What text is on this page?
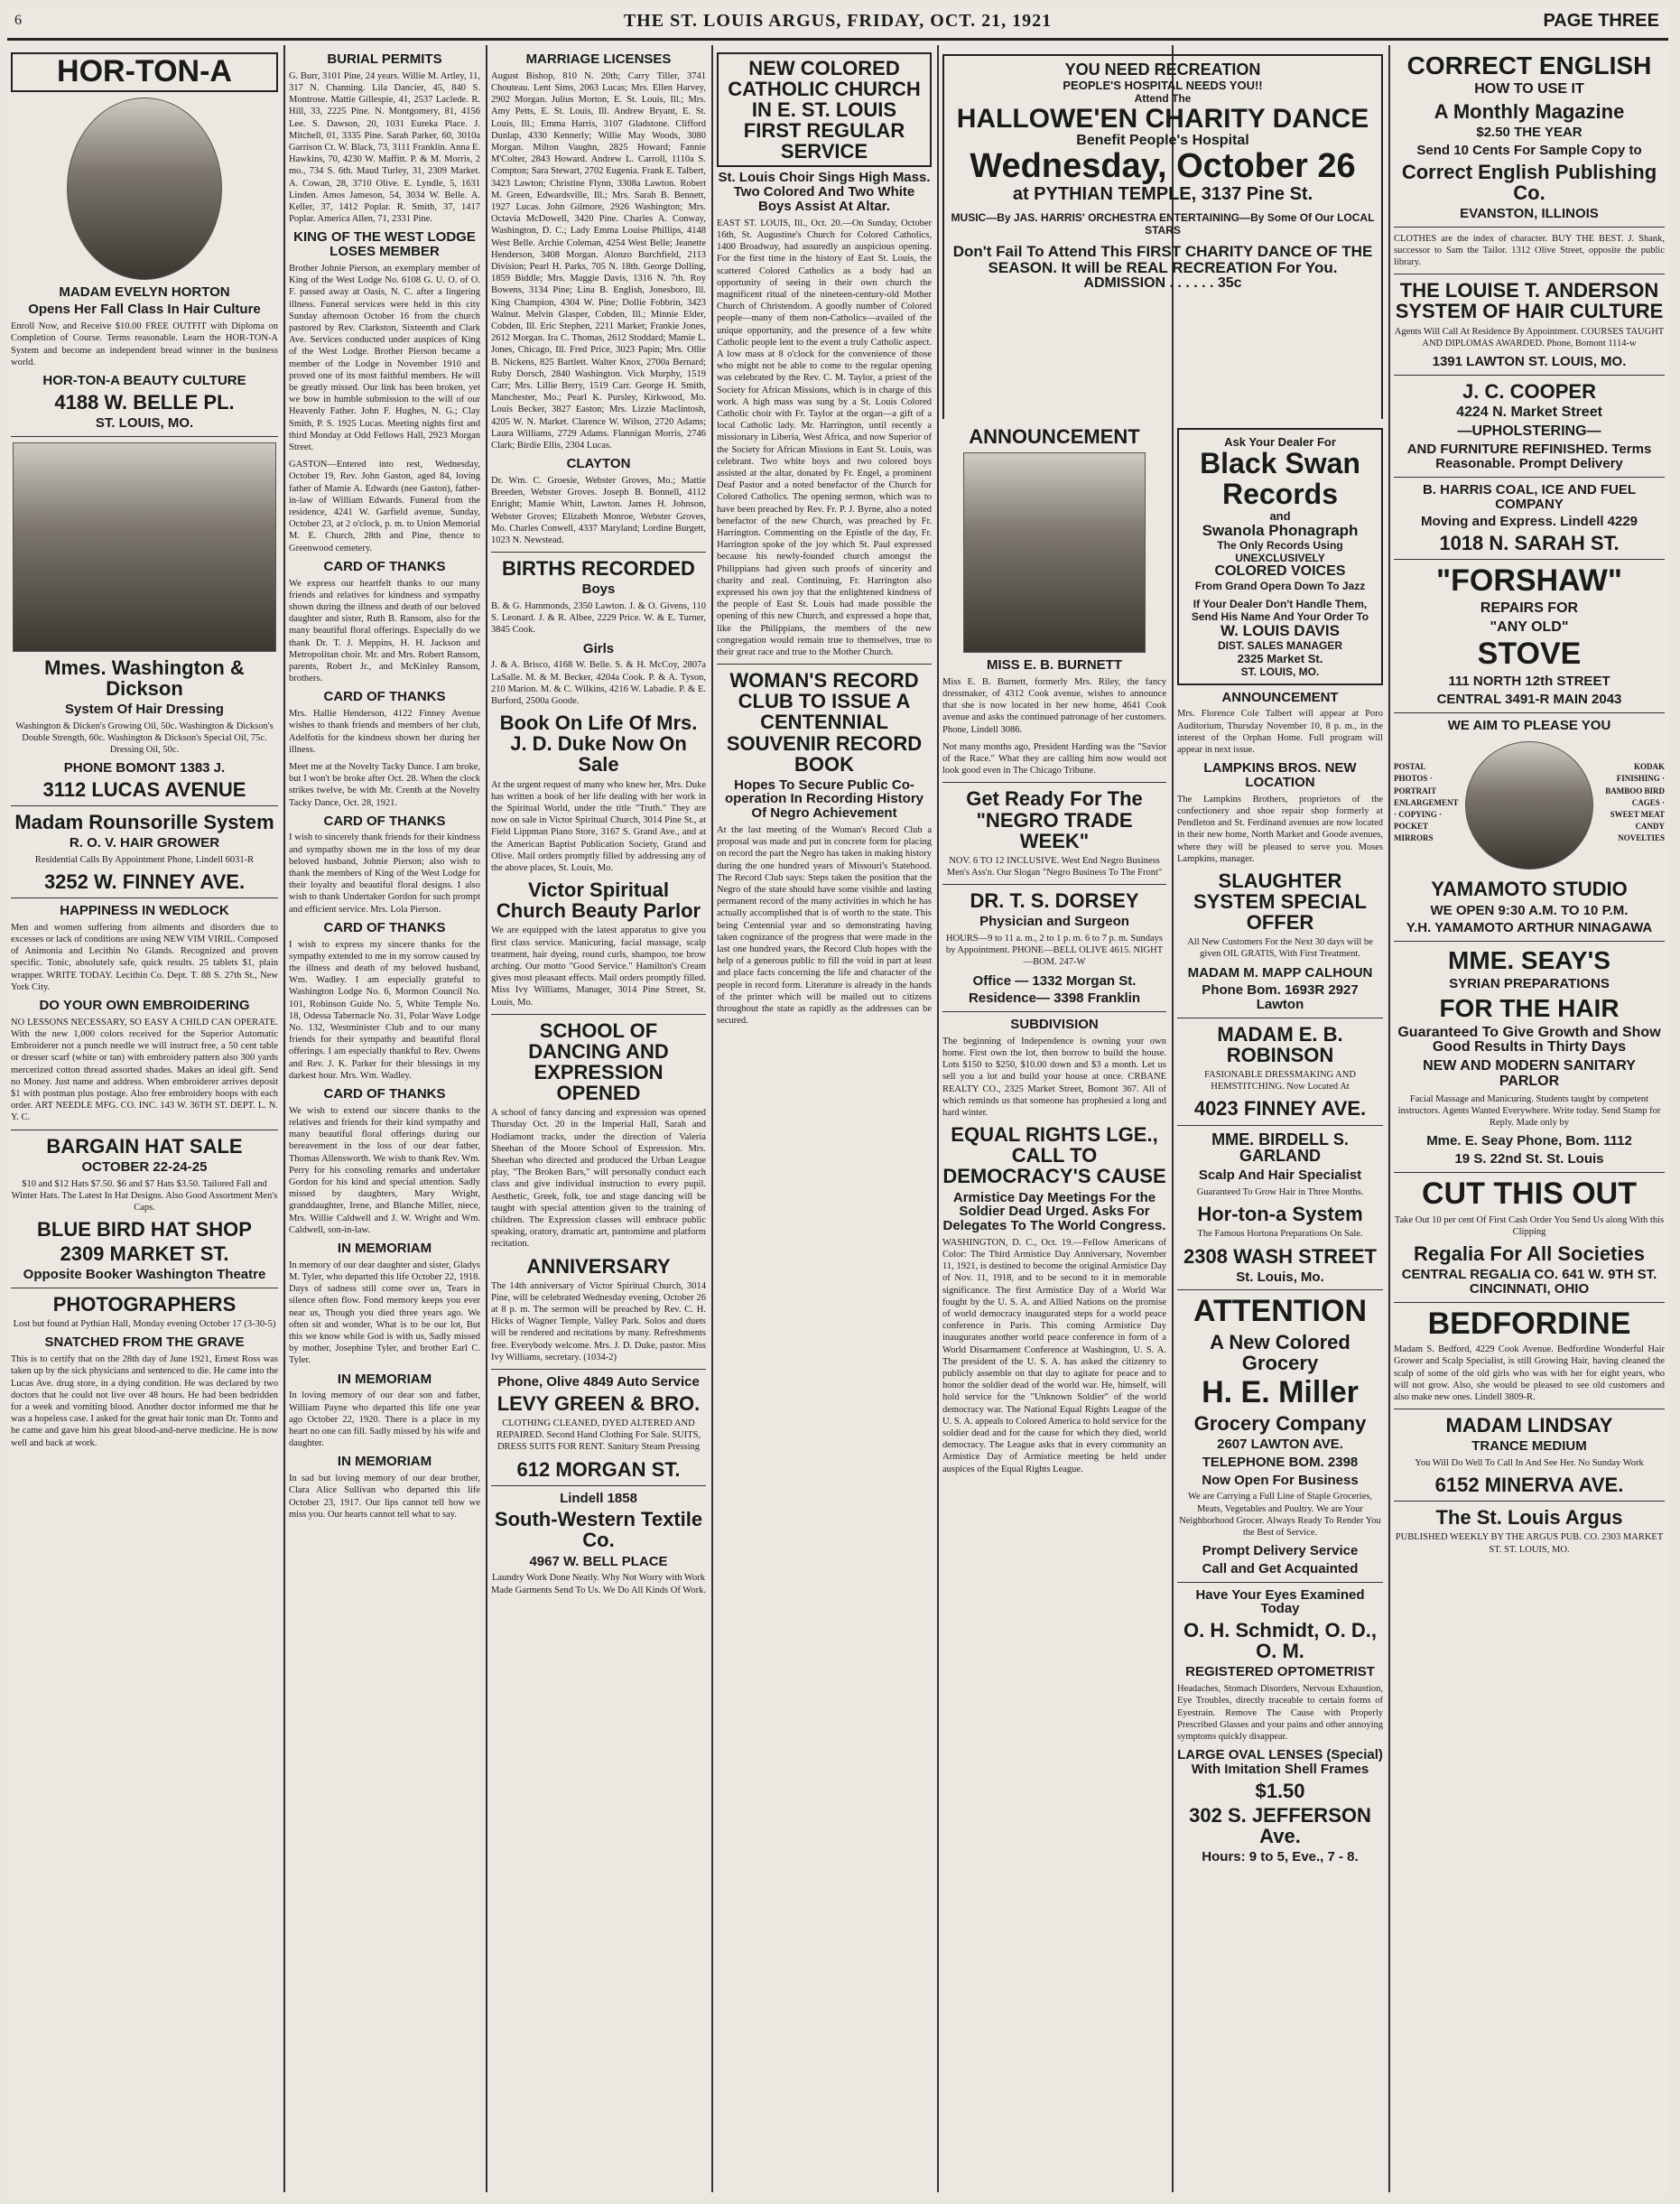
6	THE ST. LOUIS ARGUS, FRIDAY, OCT. 21, 1921	PAGE THREE
HOR-TON-A
MADAM EVELYN HORTON
Opens Her Fall Class In Hair Culture

Enroll Now, and Receive $10.00 FREE OUTFIT with Diploma on Completion of Course. Terms reasonable. Learn the HOR-TON-A System and become an independent bread winner in the business world.

HOR-TON-A BEAUTY CULTURE
4188 W. BELLE PL.
ST. LOUIS, MO.
Mmes. Washington & Dickson
System Of Hair Dressing

Washington & Dicken's Growing Oil, 50c. Washington & Dickson's Double Strength, 60c. Washington & Dickson's Special Oil, 75c. Dressing Oil, 50c.

PHONE BOMONT 1383 J.
3112 LUCAS AVENUE
Madam Rounsorille System
R. O. V. HAIR GROWER

Residential Calls By Appointment Phone, Lindell 6031-R

3252 W. FINNEY AVE.
HAPPINESS IN WEDLOCK

Men and women suffering from ailments and disorders due to excesses or lack of conditions are using NEW VIM VIRIL. Composed of Animonia and Lecithin No Glands. Recognized and proven specific. Tonic, absolutely safe, quick results. 25 tablets $1, plain wrapper. WRITE TODAY. Lecithin Co. Dept. T. 88 S. 27th St., New York City.

DO YOUR OWN EMBROIDERING

NO LESSONS NECESSARY, SO EASY A CHILD CAN OPERATE. With the new 1,000 colors received for the Superior Automatic Embroiderer not a punch needle we will instruct free, a 50 cent table or dresser scarf (white or tan) with embroidery pattern also 300 yards mercerized cotton thread assorted shades. Makes an ideal gift. Send no Money. Just name and address. When embroiderer arrives deposit $1 with postman plus postage. Also free embroidery hoops with each order. ART NEEDLE MFG. CO. INC. 143 W. 36TH ST. DEPT. L. N. Y. C.

BARGAIN HAT SALE
OCTOBER 22-24-25

$10 and $12 Hats $7.50. $6 and $7 Hats $3.50. Tailored Fall and Winter Hats. The Latest In Hat Designs. Also Good Assortment Men's Caps.

BLUE BIRD HAT SHOP
2309 MARKET ST.
Opposite Booker Washington Theatre
PHOTOGRAPHERS

Lost but found at Pythian Hall, Monday evening October 17 (3-30-5)

SNATCHED FROM THE GRAVE

This is to certify that on the 28th day of June 1921, Ernest Ross was taken up by the sick physicians and sentenced to die. He came into the Lucas Ave. drug store, in a dying condition. He was declared by two doctors that he could not live over 48 hours. He had been bedridden for a week and vomiting blood. Another doctor informed me that he was a hopeless case. I asked for the great hair tonic man Dr. Tonto and he came and gave him his great blood-and-nerve medicine. He is now well and back at work.

BURIAL PERMITS

G. Burr, 3101 Pine, 24 years. Willie M. Artley, 11, 317 N. Channing. Lila Dancier, 45, 840 S. Montrose. Mattie Gillespie, 41, 2537 Laclede. R. Hill, 33, 2225 Pine. N. Montgomery, 81, 4156 Lee. S. Dawson, 20, 1031 Eureka Place. J. Mitchell, 01, 3335 Pine. Sarah Parker, 60, 3010a Garrison Ct. W. Black, 73, 3111 Franklin. Anna E. Hawkins, 70, 4230 W. Maffitt. P. & M. Morris, 2 mo., 734 S. 6th. Maud Turley, 31, 2309 Market. A. Cowan, 28, 3710 Olive. E. Lyndle, 5, 1631 Linden. Amos Jameson, 54, 3034 W. Belle. A. Keller, 37, 1412 Poplar. R. Smith, 37, 1417 Poplar. America Allen, 71, 2331 Pine.

KING OF THE WEST LODGE LOSES MEMBER

Brother Johnie Pierson, an exemplary member of King of the West Lodge No. 6108 G. U. O. of O. F. passed away at Oasis, N. C. after a lingering illness. Funeral services were held in this city Sunday afternoon October 16 from the church pastored by Rev. Clarkston, Sixteenth and Clark Ave. Services conducted under auspices of King of the West Lodge. Brother Pierson became a member of the Lodge in November 1910 and proved one of its most faithful members. He will be greatly missed. Our link has been broken, yet we bow in humble submission to the will of our Heavenly Father. John F. Hughes, N. G.; Clay Smith, P. S. 1925 Lucas. Meeting nights first and third Monday at Odd Fellows Hall, 2923 Morgan Street.

GASTON—Entered into rest, Wednesday, October 19, Rev. John Gaston, aged 84, loving father of Mamie A. Edwards (nee Gaston), father-in-law of William Edwards. Funeral from the residence, 4241 W. Garfield avenue, Sunday, October 23, at 2 o'clock, p. m. to Union Memorial M. E. Church, 28th and Pine, thence to Greenwood cemetery.

CARD OF THANKS

We express our heartfelt thanks to our many friends and relatives for kindness and sympathy shown during the illness and death of our beloved daughter and sister, Ruth B. Ransom, also for the many beautiful floral offerings. Especially do we thank Dr. T. J. Meppins, H. H. Jackson and Metropolitan choir. Mr. and Mrs. Robert Ransom, parents, Robert Jr., and McKinley Ransom, brothers.

CARD OF THANKS

Mrs. Hallie Henderson, 4122 Finney Avenue wishes to thank friends and members of her club, Adelfotis for the kindness shown her during her illness.

Meet me at the Novelty Tacky Dance. I am broke, but I won't be broke after Oct. 28. When the clock strikes twelve, be with Mr. Crenth at the Novelty Tacky Dance, Oct. 28, 1921.

CARD OF THANKS

I wish to sincerely thank friends for their kindness and sympathy shown me in the loss of my dear beloved husband, Johnie Pierson; also wish to thank the members of King of the West Lodge for their loyalty and beautiful floral designs. I also wish to thank Undertaker Gordon for such prompt and efficient service. Mrs. Lola Pierson.

CARD OF THANKS

I wish to express my sincere thanks for the sympathy extended to me in my sorrow caused by the illness and death of my beloved husband, Wm. Wadley. I am especially grateful to Washington Lodge No. 6, Mormon Council No. 101, Robinson Guide No. 5, White Temple No. 18, Odessa Tabernacle No. 31, Polar Wave Lodge No. 132, Westminister Club and to our many friends for their sympathy and beautiful floral offerings. I am especially thankful to Rev. Owens and Rev. J. K. Parker for their blessings in my darkest hour. Mrs. Wm. Wadley.

CARD OF THANKS

We wish to extend our sincere thanks to the relatives and friends for their kind sympathy and many beautiful floral offerings during our bereavement in the loss of our dear father, Thomas Allensworth. We wish to thank Rev. Wm. Perry for his consoling remarks and undertaker Gordon for his kind and special attention. Sadly missed by daughters, Mary Wright, granddaughter, Irene, and Blanche Miller, niece, Mrs. Willie Caldwell and J. W. Wright and Wm. Caldwell, son-in-law.

IN MEMORIAM

In memory of our dear daughter and sister, Gladys M. Tyler, who departed this life October 22, 1918. Days of sadness still come over us, Tears in silence often flow. Fond memory keeps you ever near us, Though you died three years ago. We often sit and wonder, What is to be our lot, But this we know while God is with us, Sadly missed by mother, Josephine Tyler, and brother Earl C. Tyler.

IN MEMORIAM

In loving memory of our dear son and father, William Payne who departed this life one year ago October 22, 1920. There is a place in my heart no one can fill. Sadly missed by his wife and daughter.

IN MEMORIAM

In sad but loving memory of our dear brother, Clara Alice Sullivan who departed this life October 23, 1917. Our lips cannot tell how we miss you. Our hearts cannot tell what to say.

MARRIAGE LICENSES

August Bishop, 810 N. 20th; Carry Tiller, 3741 Chouteau. Lent Sims, 2063 Lucas; Mrs. Ellen Harvey, 2902 Morgan. Julius Morton, E. St. Louis, Ill.; Mrs. Amy Petts, E. St. Louis, Ill. Andrew Bryant, E. St. Louis, Ill.; Emma Harris, 3107 Gladstone. Clifford Dunlap, 4330 Kennerly; Willie May Woods, 3080 Morgan. Milton Vaughn, 2825 Howard; Fannie M'Colter, 2843 Howard. Andrew L. Carroll, 1110a S. Compton; Sara Stewart, 2702 Eugenia. Frank E. Talbert, 3423 Lawton; Christine Flynn, 3308a Lawton. Robert M. Green, Edwardsville, Ill.; Mrs. Sarah B. Bennett, 1927 Lucas. John Gilmore, 2926 Washington; Mrs. Octavia McDowell, 3420 Pine. Charles A. Conway, Washington, D. C.; Lady Emma Louise Phillips, 4148 West Belle. Archie Coleman, 4254 West Belle; Jeanette Henderson, 3408 Morgan. Alonzo Burchfield, 2113 Division; Pearl H. Parks, 705 N. 18th. George Dolling, 1859 Biddle; Mrs. Maggie Davis, 1316 N. 7th. Roy Bowens, 3134 Pine; Lina B. English, Jonesboro, Ill. King Champion, 4304 W. Pine; Dollie Fobbrin, 3423 Walnut. Melvin Glasper, Cobden, Ill.; Minnie Elder, Cobden, Ill. Eric Stephen, 2211 Market; Frankie Jones, 2612 Morgan. Ira C. Thomas, 2612 Stoddard; Mamie L. Jones, Chicago, Ill. Fred Price, 3023 Papin; Mrs. Ollie B. Nickens, 825 Bartlett. Walter Knox, 2700a Bernard; Ruby Dorsch, 2840 Washington. Vick Murphy, 1519 Carr; Mrs. Lillie Berry, 1519 Carr. George H. Smith, Manchester, Mo.; Pearl K. Pursley, Kirkwood, Mo. Louis Becker, 3827 Easton; Mrs. Lizzie Maclintosh, 4205 W. N. Market. Clarence W. Wilson, 2720 Adams; Laura Williams, 2729 Adams. Flannigan Morris, 2746 Clark; Birdie Ellis, 2304 Lucas.

CLAYTON

Dr. Wm. C. Groesie, Webster Groves, Mo.; Mattie Breeden, Webster Groves. Joseph B. Bonnell, 4112 Enright; Mamie Whitt, Lawton. James H. Johnson, Webster Groves; Elizabeth Monroe, Webster Groves, Mo. Charles Conwell, 4337 Maryland; Lordine Burgett, 1023 N. Newstead.

BIRTHS RECORDED
Boys

B. & G. Hammonds, 2350 Lawton. J. & O. Givens, 110 S. Leonard. J. & R. Albee, 2229 Price. W. & E. Turner, 3845 Cook.

Girls

J. & A. Brisco, 4168 W. Belle. S. & H. McCoy, 2807a LaSalle. M. & M. Becker, 4204a Cook. P. & A. Tyson, 210 Marion. M. & C. Wilkins, 4216 W. Labadie. P. & E. Burford, 2500a Goode.

Book On Life Of Mrs. J. D. Duke Now On Sale

At the urgent request of many who knew her, Mrs. Duke has written a book of her life dealing with her work in the Spiritual World, under the title "Truth." They are now on sale in Victor Spiritual Church, 3014 Pine St., at Field Lippman Piano Store, 3167 S. Grand Ave., and at the American Baptist Publication Society, Grand and Olive. Mail orders promptly filled by addressing any of the above places, St. Louis, Mo.

Victor Spiritual Church Beauty Parlor

We are equipped with the latest apparatus to give you first class service. Manicuring, facial massage, scalp treatment, hair dyeing, round curls, shampoo, toe brow arching. Our motto "Good Service." Hamilton's Cream gives most pleasant effects. Mail orders promptly filled. Miss Ivy Williams, Manager, 3014 Pine Street, St. Louis, Mo.

SCHOOL OF DANCING AND EXPRESSION OPENED

A school of fancy dancing and expression was opened Thursday Oct. 20 in the Imperial Hall, Sarah and Hodiamont tracks, under the direction of Valeria Sheehan of the Moore School of Expression. Mrs. Sheehan who directed and produced the Urban League play, "The Broken Bars," will personally conduct each class and give individual instruction to every pupil. Aesthetic, Greek, folk, toe and stage dancing will be taught with special attention given to the training of children. The Expression classes will embrace public speaking, oratory, dramatic art, pantomime and platform recitation.

ANNIVERSARY

The 14th anniversary of Victor Spiritual Church, 3014 Pine, will be celebrated Wednesday evening, October 26 at 8 p. m. The sermon will be preached by Rev. C. H. Hicks of Wagner Temple, Valley Park. Solos and duets will be rendered and recitations by many. Refreshments free. Everybody welcome. Mrs. J. D. Duke, pastor. Miss Ivy Williams, secretary. (1034-2)

Phone, Olive 4849 Auto Service
LEVY GREEN & BRO.

CLOTHING CLEANED, DYED ALTERED AND REPAIRED. Second Hand Clothing For Sale. SUITS, DRESS SUITS FOR RENT. Sanitary Steam Pressing

612 MORGAN ST.
Lindell 1858
South-Western Textile Co.
4967 W. BELL PLACE

Laundry Work Done Neatly. Why Not Worry with Work Made Garments Send To Us. We Do All Kinds Of Work.

NEW COLORED CATHOLIC CHURCH IN E. ST. LOUIS FIRST REGULAR SERVICE
St. Louis Choir Sings High Mass. Two Colored And Two White Boys Assist At Altar.

EAST ST. LOUIS, Ill., Oct. 20.—On Sunday, October 16th, St. Augustine's Church for Colored Catholics, 1400 Broadway, had assuredly an auspicious opening. For the first time in the history of East St. Louis, the scattered Colored Catholics as a body had an opportunity of seeing in their own church the magnificent ritual of the nineteen-century-old Mother Church of Christendom. A goodly number of Colored people—many of them non-Catholics—availed of the unique opportunity, and the presence of a few white Catholic people lent to the event a truly Catholic aspect. A low mass at 8 o'clock for the convenience of those who might not be able to come to the regular opening was celebrated by the Rev. C. M. Taylor, a priest of the Society for African Missions, which is in charge of this work. A high mass was sung by a St. Louis Colored Catholic choir with Fr. Taylor at the organ—a gift of a local Catholic lady. Mr. Harrington, until recently a missionary in Liberia, West Africa, and now Superior of the Society for African Missions in East St. Louis, was celebrant. Two white boys and two colored boys assisted at the altar, donated by Fr. Engel, a prominent Deaf Pastor and a noted benefactor of the Church for Colored Catholics. The opening sermon, which was to have been preached by Rev. Fr. P. J. Byrne, also a noted benefactor of the new Church, was preached by Fr. Harrington. Commenting on the Epistle of the day, Fr. Harrington spoke of the joy which St. Paul expressed because his newly-founded church amongst the Philippians had given such proofs of sincerity and charity and zeal. Continuing, Fr. Harrington also expressed his own joy that the enlightened kindness of the people of East St. Louis had made possible the opening of this new Church, and expressed a hope that, like the Philippians, the members of the new congregation would remain true to themselves, true to their great race and true to the Mother Church.

WOMAN'S RECORD CLUB TO ISSUE A CENTENNIAL SOUVENIR RECORD BOOK
Hopes To Secure Public Co-operation In Recording History Of Negro Achievement

At the last meeting of the Woman's Record Club a proposal was made and put in concrete form for placing on record the part the Negro has taken in making history during the one hundred years of Missouri's Statehood. The Record Club says: Steps taken the position that the Negro of the state should have some visible and lasting permanent record of the many activities in which he has actually accomplished that is of worth to the state. This being Centennial year and so demonstrating having taken cognizance of the progress that were made in the last one hundred years, the Record Club hopes with the help of a generous public to fill the void in part at least and place facts concerning the life and character of the people in record form. Literature is already in the hands of the printer which will be mailed out to citizens throughout the state as rapidly as the addresses can be secured.

YOU NEED RECREATION
PEOPLE'S HOSPITAL NEEDS YOU!!
Attend The
HALLOWE'EN CHARITY DANCE
Benefit People's Hospital
Wednesday, October 26
at PYTHIAN TEMPLE, 3137 Pine St.
MUSIC—By JAS. HARRIS' ORCHESTRA ENTERTAINING—By Some Of Our LOCAL STARS
Don't Fail To Attend This FIRST CHARITY DANCE OF THE SEASON. It will be REAL RECREATION For You.
ADMISSION . . . . . . 35c
ANNOUNCEMENT
MISS E. B. BURNETT

Miss E. B. Burnett, formerly Mrs. Riley, the fancy dressmaker, of 4312 Cook avenue, wishes to announce that she is now located in her new home, 4641 Cook avenue and asks the continued patronage of her customers. Phone, Lindell 3086.

Not many months ago, President Harding was the "Savior of the Race." What they are calling him now would not look good even in The Chicago Tribune.

Get Ready For The "NEGRO TRADE WEEK"

NOV. 6 TO 12 INCLUSIVE. West End Negro Business Men's Ass'n. Our Slogan "Negro Business To The Front"

DR. T. S. DORSEY
Physician and Surgeon

HOURS—9 to 11 a. m., 2 to 1 p. m. 6 to 7 p. m. Sundays by Appointment. PHONE—BELL OLIVE 4615. NIGHT—BOM. 247-W

Office — 1332 Morgan St.
Residence— 3398 Franklin
SUBDIVISION

The beginning of Independence is owning your own home. First own the lot, then borrow to build the house. Lots $150 to $250, $10.00 down and $3 a month. Let us sell you a lot and build your house at once. CRBANE REALTY CO., 2325 Market Street, Bomont 367. All of which reminds us that someone has prophesied a long and hard winter.

EQUAL RIGHTS LGE., CALL TO DEMOCRACY'S CAUSE
Armistice Day Meetings For the Soldier Dead Urged. Asks For Delegates To The World Congress.

WASHINGTON, D. C., Oct. 19.—Fellow Americans of Color: The Third Armistice Day Anniversary, November 11, 1921, is destined to become the original Armistice Day of Nov. 11, 1918, and to be second to it in memorable significance. The first Armistice Day of a World War fought by the U. S. A. and Allied Nations on the promise of world democracy inaugurated steps for a world peace conference in Paris. This coming Armistice Day inaugurates another world peace conference in form of a World Disarmament Conference at Washington, U. S. A. The president of the U. S. A. has asked the citizenry to publicly assemble on that day to agitate for peace and to honor the soldier dead of the world war. He, himself, will hold service for the "Unknown Soldier" of the world democracy war. The National Equal Rights League of the U. S. A. appeals to Colored America to hold service for the soldier dead and for the cause for which they died, world democracy. The League asks that in every community an Armistice Day of Armistice meeting be held under auspices of the Equal Rights League.

Ask Your Dealer For
Black Swan
Records
and
Swanola Phonagraph
The Only Records Using
UNEXCLUSIVELY
COLORED VOICES
From Grand Opera Down To Jazz
If Your Dealer Don't Handle Them, Send His Name And Your Order To
W. LOUIS DAVIS
DIST. SALES MANAGER
2325 Market St.
ST. LOUIS, MO.
ANNOUNCEMENT

Mrs. Florence Cole Talbert will appear at Poro Auditorium, Thursday November 10, 8 p. m., in the interest of the Orphan Home. Full program will appear in next issue.

LAMPKINS BROS. NEW LOCATION

The Lampkins Brothers, proprietors of the confectionery and shoe repair shop formerly at Pendleton and St. Ferdinand avenues are now located in their new home, North Market and Goode avenues, where they will be pleased to serve you. Moses Lampkins, manager.

SLAUGHTER SYSTEM SPECIAL OFFER

All New Customers For the Next 30 days will be given OIL GRATIS, With First Treatment.

MADAM M. MAPP CALHOUN
Phone Bom. 1693R 2927 Lawton
MADAM E. B. ROBINSON

FASIONABLE DRESSMAKING AND HEMSTITCHING. Now Located At

4023 FINNEY AVE.
MME. BIRDELL S. GARLAND
Scalp And Hair Specialist

Guaranteed To Grow Hair in Three Months.

Hor-ton-a System

The Famous Hortona Preparations On Sale.

2308 WASH STREET
St. Louis, Mo.
ATTENTION
A New Colored Grocery
H. E. Miller
Grocery Company
2607 LAWTON AVE.
TELEPHONE BOM. 2398
Now Open For Business

We are Carrying a Full Line of Staple Groceries, Meats, Vegetables and Poultry. We are Your Neighborhood Grocer. Always Ready To Render You the Best of Service.

Prompt Delivery Service
Call and Get Acquainted
Have Your Eyes Examined Today
O. H. Schmidt, O. D., O. M.
REGISTERED OPTOMETRIST

Headaches, Stomach Disorders, Nervous Exhaustion, Eye Troubles, directly traceable to certain forms of Eyestrain. Remove The Cause with Properly Prescribed Glasses and your pains and other annoying symptoms quickly disappear.

LARGE OVAL LENSES (Special) With Imitation Shell Frames
$1.50
302 S. JEFFERSON Ave.
Hours: 9 to 5, Eve., 7 - 8.
CORRECT ENGLISH
HOW TO USE IT
A Monthly Magazine
$2.50 THE YEAR
Send 10 Cents For Sample Copy to
Correct English Publishing Co.
EVANSTON, ILLINOIS

CLOTHES are the index of character. BUY THE BEST. J. Shank, successor to Sam the Tailor. 1312 Olive Street, opposite the public library.

THE LOUISE T. ANDERSON SYSTEM OF HAIR CULTURE

Agents Will Call At Residence By Appointment. COURSES TAUGHT AND DIPLOMAS AWARDED. Phone, Bomont 1114-w

1391 LAWTON ST. LOUIS, MO.
J. C. COOPER
4224 N. Market Street
—UPHOLSTERING—
AND FURNITURE REFINISHED. Terms Reasonable. Prompt Delivery
B. HARRIS COAL, ICE AND FUEL COMPANY
Moving and Express. Lindell 4229
1018 N. SARAH ST.
"FORSHAW"
REPAIRS FOR
"ANY OLD"
STOVE
111 NORTH 12th STREET
CENTRAL 3491-R MAIN 2043
WE AIM TO PLEASE YOU
POSTAL PHOTOS · PORTRAIT ENLARGEMENT · COPYING · POCKET MIRRORS
KODAK FINISHING · BAMBOO BIRD CAGES · SWEET MEAT CANDY NOVELTIES
YAMAMOTO STUDIO
WE OPEN 9:30 A.M. TO 10 P.M.
Y.H. YAMAMOTO ARTHUR NINAGAWA
MME. SEAY'S
SYRIAN PREPARATIONS
FOR THE HAIR
Guaranteed To Give Growth and Show Good Results in Thirty Days
NEW AND MODERN SANITARY PARLOR

Facial Massage and Manicuring. Students taught by competent instructors. Agents Wanted Everywhere. Write today. Send Stamp for Reply. Made only by

Mme. E. Seay Phone, Bom. 1112
19 S. 22nd St. St. Louis
CUT THIS OUT

Take Out 10 per cent Of First Cash Order You Send Us along With this Clipping

Regalia For All Societies
CENTRAL REGALIA CO. 641 W. 9TH ST. CINCINNATI, OHIO
BEDFORDINE

Madam S. Bedford, 4229 Cook Avenue. Bedfordine Wonderful Hair Grower and Scalp Specialist, is still Growing Hair, having cleaned the scalp of some of the old girls who was with her for eight years, who will not grow. Also, she would be pleased to see old customers and also make new ones. Lindell 3809-R.

MADAM LINDSAY
TRANCE MEDIUM

You Will Do Well To Call In And See Her. No Sunday Work

6152 MINERVA AVE.
The St. Louis Argus

PUBLISHED WEEKLY BY THE ARGUS PUB. CO. 2303 MARKET ST. ST. LOUIS, MO.
